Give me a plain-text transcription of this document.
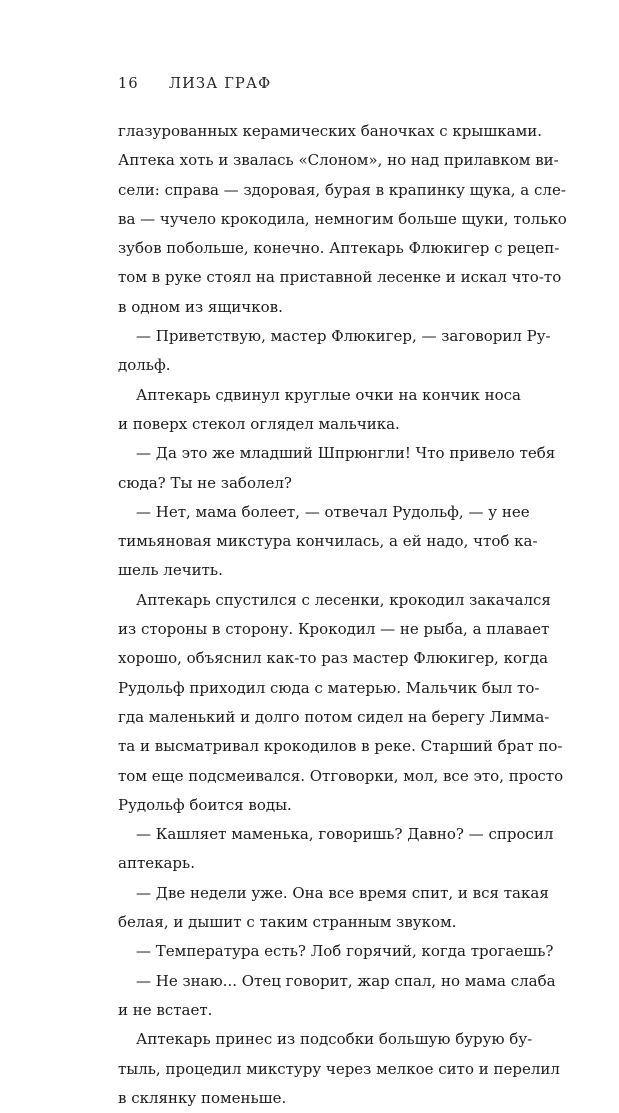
16 ЛИЗА ГРАФ
глазурованных керамических баночках с крышками.
Аптека хоть и звалась «Слоном», но над прилавком ви-
сели: справа — здоровая, бурая в крапинку щука, а сле-
ва — чучело крокодила, немногим больше щуки, только
зубов побольше, конечно. Аптекарь Флюкигер с рецеп-
том в руке стоял на приставной лесенке и искал что-то
в одном из ящичков.
— Приветствую, мастер Флюкигер, — заговорил Ру-
дольф.
Аптекарь сдвинул круглые очки на кончик носа
и поверх стекол оглядел мальчика.
— Да это же младший Шпрюнгли! Что привело тебя
сюда? Ты не заболел?
— Нет, мама болеет, — отвечал Рудольф, — у нее
тимьяновая микстура кончилась, а ей надо, чтоб ка-
шель лечить.
Аптекарь спустился с лесенки, крокодил закачался
из стороны в сторону. Крокодил — не рыба, а плавает
хорошо, объяснил как-то раз мастер Флюкигер, когда
Рудольф приходил сюда с матерью. Мальчик был то-
гда маленький и долго потом сидел на берегу Лимма-
та и высматривал крокодилов в реке. Старший брат по-
том еще подсмеивался. Отговорки, мол, все это, просто
Рудольф боится воды.
— Кашляет маменька, говоришь? Давно? — спросил
аптекарь.
— Две недели уже. Она все время спит, и вся такая
белая, и дышит с таким странным звуком.
— Температура есть? Лоб горячий, когда трогаешь?
— Не знаю... Отец говорит, жар спал, но мама слаба
и не встает.
Аптекарь принес из подсобки большую бурую бу-
тыль, процедил микстуру через мелкое сито и перелил
в склянку поменьше.
